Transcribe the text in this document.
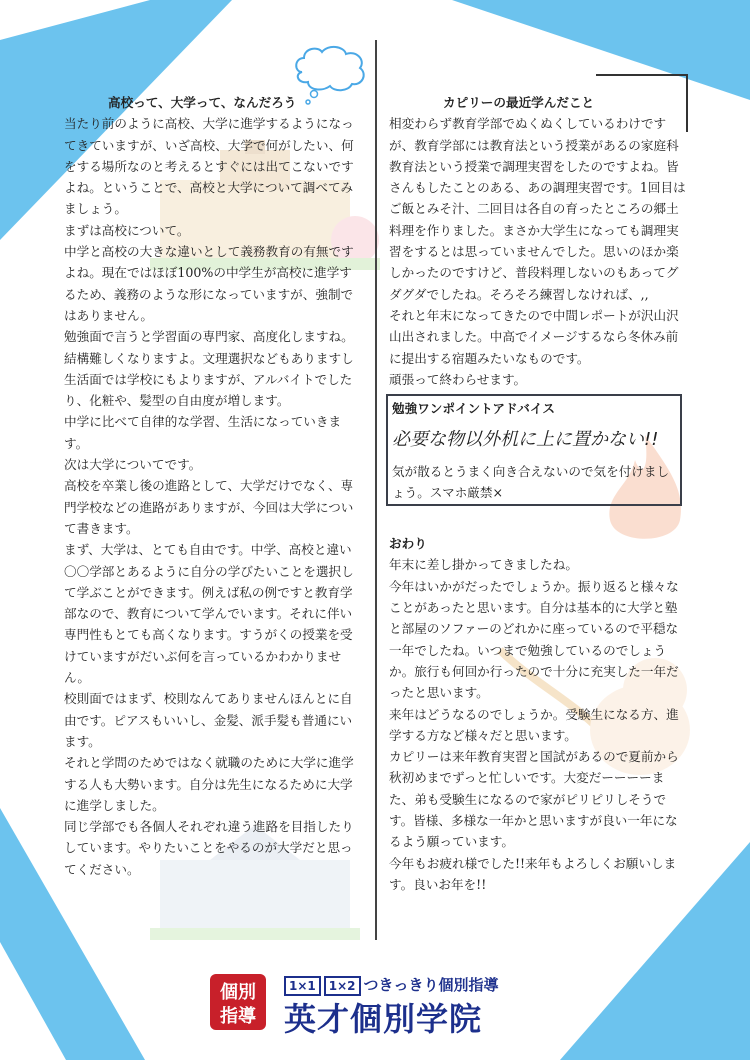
高校って、大学って、なんだろう

当たり前のように高校、大学に進学するようになってきていますが、いざ高校、大学で何がしたい、何をする場所なのと考えるとすぐには出てこないですよね。ということで、高校と大学について調べてみましょう。

まずは高校について。

中学と高校の大きな違いとして義務教育の有無ですよね。現在ではほぼ100%の中学生が高校に進学するため、義務のような形になっていますが、強制ではありません。

勉強面で言うと学習面の専門家、高度化しますね。結構難しくなりますよ。文理選択などもありますし生活面では学校にもよりますが、アルバイトでしたり、化粧や、髪型の自由度が増します。

中学に比べて自律的な学習、生活になっていきます。

次は大学についてです。

高校を卒業し後の進路として、大学だけでなく、専門学校などの進路がありますが、今回は大学について書きます。

まず、大学は、とても自由です。中学、高校と違い〇〇学部とあるように自分の学びたいことを選択して学ぶことができます。例えば私の例ですと教育学部なので、教育について学んでいます。それに伴い専門性もとても高くなります。すうがくの授業を受けていますがだいぶ何を言っているかわかりません。

校則面ではまず、校則なんてありませんほんとに自由です。ピアスもいいし、金髪、派手髪も普通にいます。

それと学問のためではなく就職のために大学に進学する人も大勢います。自分は先生になるために大学に進学しました。

同じ学部でも各個人それぞれ違う進路を目指したりしています。やりたいことをやるのが大学だと思ってください。

カピリーの最近学んだこと

相変わらず教育学部でぬくぬくしているわけですが、教育学部には教育法という授業があるの家庭科教育法という授業で調理実習をしたのですよね。皆さんもしたことのある、あの調理実習です。1回目はご飯とみそ汁、二回目は各自の育ったところの郷土料理を作りました。まさか大学生になっても調理実習をするとは思っていませんでした。思いのほか楽しかったのですけど、普段料理しないのもあってグダグダでしたね。そろそろ練習しなければ、,,

それと年末になってきたので中間レポートが沢山沢山出されました。中高でイメージするなら冬休み前に提出する宿題みたいなものです。

頑張って終わらせます。

勉強ワンポイントアドバイス
必要な物以外机に上に置かない!!
気が散るとうまく向き合えないので気を付けましょう。スマホ厳禁×

おわり

年末に差し掛かってきましたね。

今年はいかがだったでしょうか。振り返ると様々なことがあったと思います。自分は基本的に大学と塾と部屋のソファーのどれかに座っているので平穏な一年でしたね。いつまで勉強しているのでしょうか。旅行も何回か行ったので十分に充実した一年だったと思います。

来年はどうなるのでしょうか。受験生になる方、進学する方など様々だと思います。

カピリーは来年教育実習と国試があるので夏前から秋初めまでずっと忙しいです。大変だーーーーまた、弟も受験生になるので家がピリピリしそうです。皆様、多様な一年かと思いますが良い一年になるよう願っています。

今年もお疲れ様でした!!来年もよろしくお願いします。良いお年を!!

個別
指導
1×1 1×2 つきっきり個別指導
英才個別学院
